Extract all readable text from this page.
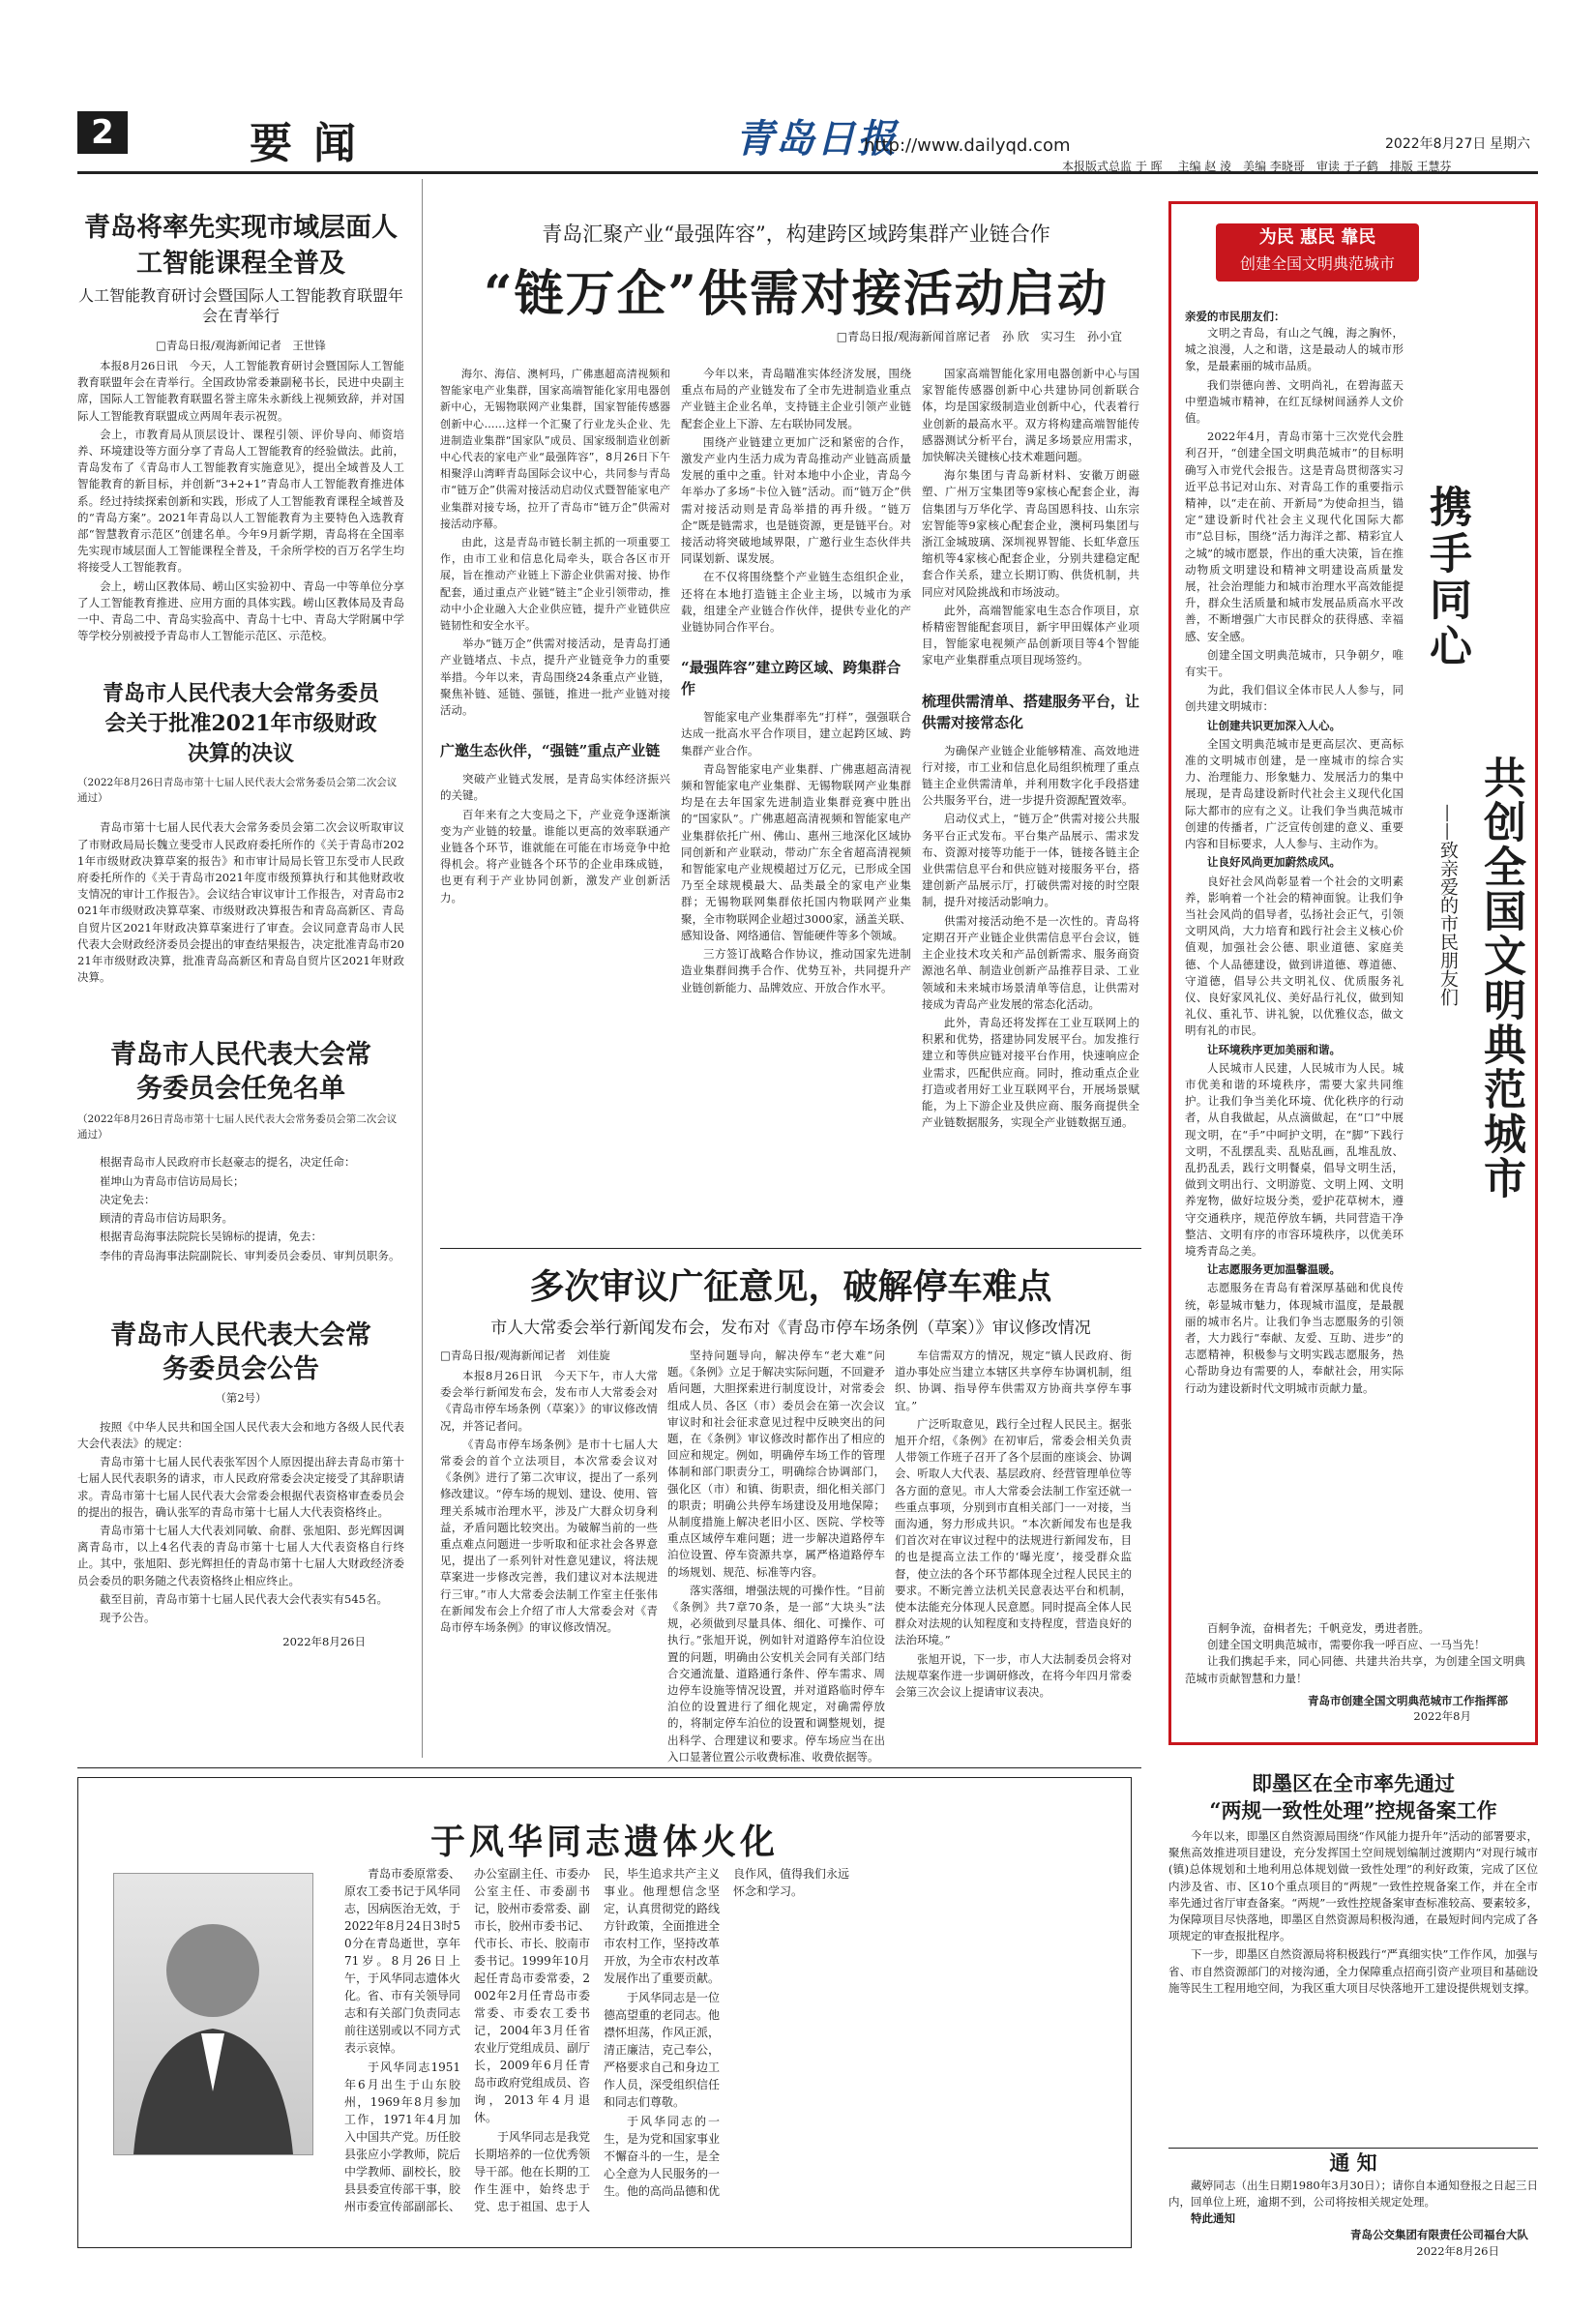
2	要闻	青岛日报
http://www.dailyqd.com	2022年8月27日 星期六
本报版式总监 于 晖　 主编 赵 淩　美编 李晓哥　审读 于子鹤　排版 王慧芬
青岛将率先实现市域层面人工智能课程全普及
人工智能教育研讨会暨国际人工智能教育联盟年会在青举行
□青岛日报/观海新闻记者　王世锋

本报8月26日讯　今天，人工智能教育研讨会暨国际人工智能教育联盟年会在青举行。全国政协常委兼副秘书长，民进中央副主席，国际人工智能教育联盟名誉主席朱永新线上视频致辞，并对国际人工智能教育联盟成立两周年表示祝贺。

会上，市教育局从顶层设计、课程引领、评价导向、师资培养、环境建设等方面分享了青岛人工智能教育的经验做法。此前，青岛发布了《青岛市人工智能教育实施意见》，提出全域普及人工智能教育的新目标，并创新“3+2+1”青岛市人工智能教育推进体系。经过持续探索创新和实践，形成了人工智能教育课程全域普及的“青岛方案”。2021年青岛以人工智能教育为主要特色入选教育部“智慧教育示范区”创建名单。今年9月新学期，青岛将在全国率先实现市域层面人工智能课程全普及，千余所学校的百万名学生均将接受人工智能教育。

会上，崂山区教体局、崂山区实验初中、青岛一中等单位分享了人工智能教育推进、应用方面的具体实践。崂山区教体局及青岛一中、青岛二中、青岛实验高中、青岛十七中、青岛大学附属中学等学校分别被授予青岛市人工智能示范区、示范校。

青岛市人民代表大会常务委员会关于批准2021年市级财政决算的决议
（2022年8月26日青岛市第十七届人民代表大会常务委员会第二次会议通过）

青岛市第十七届人民代表大会常务委员会第二次会议听取审议了市财政局局长魏立斐受市人民政府委托所作的《关于青岛市2021年市级财政决算草案的报告》和市审计局局长管卫东受市人民政府委托所作的《关于青岛市2021年度市级预算执行和其他财政收支情况的审计工作报告》。会议结合审议审计工作报告，对青岛市2021年市级财政决算草案、市级财政决算报告和青岛高新区、青岛自贸片区2021年财政决算草案进行了审查。会议同意青岛市人民代表大会财政经济委员会提出的审查结果报告，决定批准青岛市2021年市级财政决算，批准青岛高新区和青岛自贸片区2021年财政决算。

青岛市人民代表大会常务委员会任免名单
（2022年8月26日青岛市第十七届人民代表大会常务委员会第二次会议通过）

根据青岛市人民政府市长赵豪志的提名，决定任命：

崔坤山为青岛市信访局局长；

决定免去：

顾清的青岛市信访局职务。

根据青岛海事法院院长吴锦标的提请，免去：

李伟的青岛海事法院副院长、审判委员会委员、审判员职务。

青岛市人民代表大会常务委员会公告
（第2号）

按照《中华人民共和国全国人民代表大会和地方各级人民代表大会代表法》的规定：

青岛市第十七届人民代表张军因个人原因提出辞去青岛市第十七届人民代表职务的请求，市人民政府常委会决定接受了其辞职请求。青岛市第十七届人民代表大会常委会根据代表资格审查委员会的提出的报告，确认张军的青岛市第十七届人大代表资格终止。

青岛市第十七届人大代表刘同敏、俞群、张旭阳、彭光辉因调离青岛市，以上4名代表的青岛市第十七届人大代表资格自行终止。其中，张旭阳、彭光辉担任的青岛市第十七届人大财政经济委员会委员的职务随之代表资格终止相应终止。

截至目前，青岛市第十七届人民代表大会代表实有545名。

现予公告。

2022年8月26日
青岛汇聚产业“最强阵容”，构建跨区域跨集群产业链合作
“链万企”供需对接活动启动
□青岛日报/观海新闻首席记者　孙 欣　实习生　孙小宜

海尔、海信、澳柯玛，广佛惠超高清视频和智能家电产业集群，国家高端智能化家用电器创新中心，无锡物联网产业集群，国家智能传感器创新中心……这样一个汇聚了行业龙头企业、先进制造业集群“国家队”成员、国家级制造业创新中心代表的家电产业“最强阵容”，8月26日下午相聚浮山湾畔青岛国际会议中心，共同参与青岛市“链万企”供需对接活动启动仪式暨智能家电产业集群对接专场，拉开了青岛市“链万企”供需对接活动序幕。

由此，这是青岛市链长制主抓的一项重要工作，由市工业和信息化局牵头，联合各区市开展，旨在推动产业链上下游企业供需对接、协作配套，通过重点产业链“链主”企业引领带动，推动中小企业融入大企业供应链，提升产业链供应链韧性和安全水平。

举办“链万企”供需对接活动，是青岛打通产业链堵点、卡点，提升产业链竞争力的重要举措。今年以来，青岛围绕24条重点产业链，聚焦补链、延链、强链，推进一批产业链对接活动。

广邀生态伙伴，“强链”重点产业链

突破产业链式发展，是青岛实体经济振兴的关键。

百年来有之大变局之下，产业竞争逐渐演变为产业链的较量。谁能以更高的效率联通产业链各个环节，谁就能在可能在市场竞争中抢得机会。将产业链各个环节的企业串珠成链，也更有利于产业协同创新，激发产业创新活力。

今年以来，青岛瞄准实体经济发展，围绕重点布局的产业链发布了全市先进制造业重点产业链主企业名单，支持链主企业引领产业链配套企业上下游、左右联协同发展。

围绕产业链建立更加广泛和紧密的合作，激发产业内生活力成为青岛推动产业链高质量发展的重中之重。针对本地中小企业，青岛今年举办了多场“卡位入链”活动。而“链万企”供需对接活动则是青岛举措的再升级。“链万企”既是链需求，也是链资源，更是链平台。对接活动将突破地域界限，广邀行业生态伙伴共同谋划新、谋发展。

在不仅将围绕整个产业链生态组织企业，还将在本地打造链主企业主场，以城市为承载，组建全产业链合作伙伴，提供专业化的产业链协同合作平台。

“最强阵容”建立跨区域、跨集群合作

智能家电产业集群率先“打样”，强强联合达成一批高水平合作项目，建立起跨区域、跨集群产业合作。

青岛智能家电产业集群、广佛惠超高清视频和智能家电产业集群、无锡物联网产业集群均是在去年国家先进制造业集群竞赛中胜出的“国家队”。广佛惠超高清视频和智能家电产业集群依托广州、佛山、惠州三地深化区域协同创新和产业联动，带动广东全省超高清视频和智能家电产业规模超过万亿元，已形成全国乃至全球规模最大、品类最全的家电产业集群；无锡物联网集群依托国内物联网产业集聚，全市物联网企业超过3000家，涵盖关联、感知设备、网络通信、智能硬件等多个领域。

三方签订战略合作协议，推动国家先进制造业集群间携手合作、优势互补，共同提升产业链创新能力、品牌效应、开放合作水平。

国家高端智能化家用电器创新中心与国家智能传感器创新中心共建协同创新联合体，均是国家级制造业创新中心，代表着行业创新的最高水平。双方将构建高端智能传感器测试分析平台，满足多场景应用需求，加快解决关键核心技术难题问题。

海尔集团与青岛新材料、安徽万朗磁塑、广州万宝集团等9家核心配套企业，海信集团与万华化学、青岛国恩科技、山东宗宏智能等9家核心配套企业，澳柯玛集团与浙江金城玻璃、深圳视界智能、长虹华意压缩机等4家核心配套企业，分别共建稳定配套合作关系，建立长期订购、供货机制，共同应对风险挑战和市场波动。

此外，高端智能家电生态合作项目，京桥精密智能配套项目，新宇甲田媒体产业项目，智能家电视频产品创新项目等4个智能家电产业集群重点项目现场签约。

梳理供需清单、搭建服务平台，让供需对接常态化

为确保产业链企业能够精准、高效地进行对接，市工业和信息化局组织梳理了重点链主企业供需清单，并利用数字化手段搭建公共服务平台，进一步提升资源配置效率。

启动仪式上，“链万企”供需对接公共服务平台正式发布。平台集产品展示、需求发布、资源对接等功能于一体，链接各链主企业供需信息平台和供应链对接服务平台，搭建创新产品展示厅，打破供需对接的时空限制，提升对接活动影响力。

供需对接活动绝不是一次性的。青岛将定期召开产业链企业供需信息平台会议，链主企业技术攻关和产品创新需求、服务商资源池名单、制造业创新产品推荐目录、工业领域和未来城市场景清单等信息，让供需对接成为青岛产业发展的常态化活动。

此外，青岛还将发挥在工业互联网上的积累和优势，搭建协同发展平台。加发推行建立和等供应链对接平台作用，快速响应企业需求，匹配供应商。同时，推动重点企业打造或者用好工业互联网平台，开展场景赋能，为上下游企业及供应商、服务商提供全产业链数据服务，实现全产业链数据互通。

多次审议广征意见，破解停车难点
市人大常委会举行新闻发布会，发布对《青岛市停车场条例（草案）》审议修改情况
□青岛日报/观海新闻记者　刘佳旋

本报8月26日讯　今天下午，市人大常委会举行新闻发布会，发布市人大常委会对《青岛市停车场条例（草案）》的审议修改情况，并答记者问。

《青岛市停车场条例》是市十七届人大常委会的首个立法项目，本次常委会议对《条例》进行了第二次审议，提出了一系列修改建议。“停车场的规划、建设、使用、管理关系城市治理水平，涉及广大群众切身利益，矛盾问题比较突出。为破解当前的一些重点难点问题进一步听取和征求社会各界意见，提出了一系列针对性意见建议，将法规草案进一步修改完善，我们建议对本法规进行三审。”市人大常委会法制工作室主任张伟在新闻发布会上介绍了市人大常委会对《青岛市停车场条例》的审议修改情况。

坚持问题导向，解决停车“老大难”问题。《条例》立足于解决实际问题，不回避矛盾问题，大胆探索进行制度设计，对常委会组成人员、各区（市）委员会在第一次会议审议时和社会征求意见过程中反映突出的问题，在《条例》审议修改时都作出了相应的回应和规定。例如，明确停车场工作的管理体制和部门职责分工，明确综合协调部门，强化区（市）和镇、街职责，细化相关部门的职责；明确公共停车场建设及用地保障；从制度措施上解决老旧小区、医院、学校等重点区域停车难问题；进一步解决道路停车泊位设置、停车资源共享，属严格道路停车的场规划、规范、标准等内容。

落实落细，增强法规的可操作性。“目前《条例》共7章70条，是一部“大块头”法规，必须做到尽量具体、细化、可操作、可执行。”张旭开说，例如针对道路停车泊位设置的问题，明确由公安机关会同有关部门结合交通流量、道路通行条件、停车需求、周边停车设施等情况设置，并对道路临时停车泊位的设置进行了细化规定，对确需停放的，将制定停车泊位的设置和调整规划，提出科学、合理建议和要求。停车场应当在出入口显著位置公示收费标准、收费依据等。

车信需双方的情况，规定“镇人民政府、街道办事处应当建立本辖区共享停车协调机制，组织、协调、指导停车供需双方协商共享停车事宜。”

广泛听取意见，践行全过程人民民主。据张旭开介绍，《条例》在初审后，常委会相关负责人带领工作班子召开了各个层面的座谈会、协调会、听取人大代表、基层政府、经营管理单位等各方面的意见。市人大常委会法制工作室还就一些重点事项，分别到市直相关部门一一对接，当面沟通，努力形成共识。“本次新闻发布也是我们首次对在审议过程中的法规进行新闻发布，目的也是提高立法工作的‘曝光度’，接受群众监督，使立法的各个环节都体现全过程人民民主的要求。不断完善立法机关民意表达平台和机制，使本法能充分体现人民意愿。同时提高全体人民群众对法规的认知程度和支持程度，营造良好的法治环境。”

张旭开说，下一步，市人大法制委员会将对法规草案作进一步调研修改，在将今年四月常委会第三次会议上提请审议表决。

为民 惠民 靠民
创建全国文明典范城市
亲爱的市民朋友们：

文明之青岛，有山之气魄，海之胸怀，城之浪漫，人之和谐，这是最动人的城市形象，是最素丽的城市品质。

我们崇德向善、文明尚礼，在碧海蓝天中塑造城市精神，在红瓦绿树间涵养人文价值。

2022年4月，青岛市第十三次党代会胜利召开，“创建全国文明典范城市”的目标明确写入市党代会报告。这是青岛贯彻落实习近平总书记对山东、对青岛工作的重要指示精神，以“走在前、开新局”为使命担当，锚定“建设新时代社会主义现代化国际大都市”总目标，围绕“活力海洋之都、精彩宜人之城”的城市愿景，作出的重大决策，旨在推动物质文明建设和精神文明建设高质量发展，社会治理能力和城市治理水平高效能提升，群众生活质量和城市发展品质高水平改善，不断增强广大市民群众的获得感、幸福感、安全感。

创建全国文明典范城市，只争朝夕，唯有实干。

为此，我们倡议全体市民人人参与，同创共建文明城市：

让创建共识更加深入人心。

全国文明典范城市是更高层次、更高标准的文明城市创建，是一座城市的综合实力、治理能力、形象魅力、发展活力的集中展现，是青岛建设新时代社会主义现代化国际大都市的应有之义。让我们争当典范城市创建的传播者，广泛宣传创建的意义、重要内容和目标要求，人人参与、主动作为。

让良好风尚更加蔚然成风。

良好社会风尚彰显着一个社会的文明素养，影响着一个社会的精神面貌。让我们争当社会风尚的倡导者，弘扬社会正气，引领文明风尚，大力培育和践行社会主义核心价值观，加强社会公德、职业道德、家庭美德、个人品德建设，做到讲道德、尊道德、守道德，倡导公共文明礼仪、优质服务礼仪、良好家风礼仪、美好品行礼仪，做到知礼仪、重礼节、讲礼貌，以优雅仪态，做文明有礼的市民。

让环境秩序更加美丽和谐。

人民城市人民建，人民城市为人民。城市优美和谐的环境秩序，需要大家共同维护。让我们争当美化环境、优化秩序的行动者，从自我做起，从点滴做起，在“口”中展现文明，在“手”中呵护文明，在“脚”下践行文明，不乱摆乱卖、乱贴乱画，乱堆乱放、乱扔乱丢，践行文明餐桌，倡导文明生活，做到文明出行、文明游览、文明上网、文明养宠物，做好垃圾分类，爱护花草树木，遵守交通秩序，规范停放车辆，共同营造干净整洁、文明有序的市容环境秩序，以优美环境秀青岛之美。

让志愿服务更加温馨温暖。

志愿服务在青岛有着深厚基础和优良传统，彰显城市魅力，体现城市温度，是最靓丽的城市名片。让我们争当志愿服务的引领者，大力践行“奉献、友爱、互助、进步”的志愿精神，积极参与文明实践志愿服务，热心帮助身边有需要的人，奉献社会，用实际行动为建设新时代文明城市贡献力量。

百舸争流，奋楫者先；千帆竞发，勇进者胜。

创建全国文明典范城市，需要你我一呼百应、一马当先！

让我们携起手来，同心同德、共建共治共享，为创建全国文明典范城市贡献智慧和力量！

青岛市创建全国文明典范城市工作指挥部
2022年8月
携手同心
共创全国文明典范城市
——致亲爱的市民朋友们
于风华同志遗体火化

青岛市委原常委、原农工委书记于风华同志，因病医治无效，于2022年8月24日3时50分在青岛逝世，享年71岁。8月26日上午，于风华同志遗体火化。省、市有关领导同志和有关部门负责同志前往送别或以不同方式表示哀悼。

于风华同志1951年6月出生于山东胶州，1969年8月参加工作，1971年4月加入中国共产党。历任胶县张应小学教师，院后中学教师、副校长，胶县县委宣传部干事，胶州市委宣传部副部长、办公室副主任、市委办公室主任、市委副书记，胶州市委常委、副市长，胶州市委书记、代市长、市长、胶南市委书记。1999年10月起任青岛市委常委，2002年2月任青岛市委常委、市委农工委书记，2004年3月任省农业厅党组成员、副厅长，2009年6月任青岛市政府党组成员、咨询，2013年4月退休。

于风华同志是我党长期培养的一位优秀领导干部。他在长期的工作生涯中，始终忠于党、忠于祖国、忠于人民，毕生追求共产主义事业。他理想信念坚定，认真贯彻党的路线方针政策，全面推进全市农村工作，坚持改革开放，为全市农村改革发展作出了重要贡献。

于风华同志是一位德高望重的老同志。他襟怀坦荡，作风正派，清正廉洁，克己奉公，严格要求自己和身边工作人员，深受组织信任和同志们尊敬。

于风华同志的一生，是为党和国家事业不懈奋斗的一生，是全心全意为人民服务的一生。他的高尚品德和优良作风，值得我们永远怀念和学习。

即墨区在全市率先通过
“两规一致性处理”控规备案工作

今年以来，即墨区自然资源局围绕“作风能力提升年”活动的部署要求，聚焦高效推进项目建设，充分发挥国土空间规划编制过渡期内“对现行城市(镇)总体规划和土地利用总体规划做一致性处理”的利好政策，完成了区位内涉及省、市、区10个重点项目的“两规”一致性控规备案工作，并在全市率先通过省厅审查备案。“两规”一致性控规备案审查标准较高、要素较多，为保障项目尽快落地，即墨区自然资源局积极沟通，在最短时间内完成了各项规定的审查报批程序。

下一步，即墨区自然资源局将积极践行“严真细实快”工作作风，加强与省、市自然资源部门的对接沟通，全力保障重点招商引资产业项目和基础设施等民生工程用地空间，为我区重大项目尽快落地开工建设提供规划支撑。

通 知

藏婷同志（出生日期1980年3月30日）；请你自本通知登报之日起三日内，回单位上班，逾期不到，公司将按相关规定处理。

特此通知
青岛公交集团有限责任公司福台大队
2022年8月26日
